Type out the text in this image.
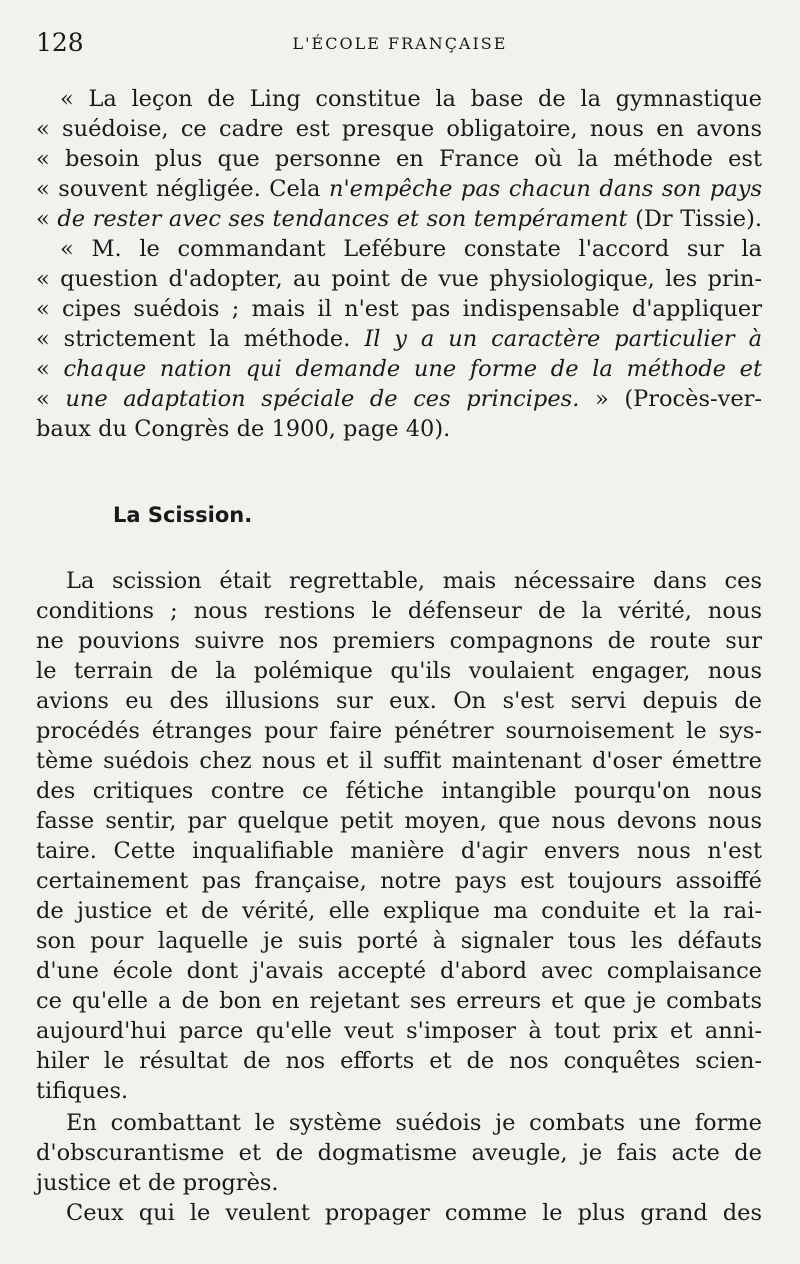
128	L'ÉCOLE FRANÇAISE
« La leçon de Ling constitue la base de la gymnastique
« suédoise, ce cadre est presque obligatoire, nous en avons
« besoin plus que personne en France où la méthode est
« souvent négligée. Cela n'empêche pas chacun dans son pays
« de rester avec ses tendances et son tempérament (Dr Tissie).
« M. le commandant Lefébure constate l'accord sur la
« question d'adopter, au point de vue physiologique, les prin-
« cipes suédois ; mais il n'est pas indispensable d'appliquer
« strictement la méthode. Il y a un caractère particulier à
« chaque nation qui demande une forme de la méthode et
« une adaptation spéciale de ces principes. » (Procès-ver-
baux du Congrès de 1900, page 40).
La Scission.
La scission était regrettable, mais nécessaire dans ces
conditions ; nous restions le défenseur de la vérité, nous
ne pouvions suivre nos premiers compagnons de route sur
le terrain de la polémique qu'ils voulaient engager, nous
avions eu des illusions sur eux. On s'est servi depuis de
procédés étranges pour faire pénétrer sournoisement le sys-
tème suédois chez nous et il suffit maintenant d'oser émettre
des critiques contre ce fétiche intangible pourqu'on nous
fasse sentir, par quelque petit moyen, que nous devons nous
taire. Cette inqualifiable manière d'agir envers nous n'est
certainement pas française, notre pays est toujours assoiffé
de justice et de vérité, elle explique ma conduite et la rai-
son pour laquelle je suis porté à signaler tous les défauts
d'une école dont j'avais accepté d'abord avec complaisance
ce qu'elle a de bon en rejetant ses erreurs et que je combats
aujourd'hui parce qu'elle veut s'imposer à tout prix et anni-
hiler le résultat de nos efforts et de nos conquêtes scien-
tifiques.
En combattant le système suédois je combats une forme
d'obscurantisme et de dogmatisme aveugle, je fais acte de
justice et de progrès.
Ceux qui le veulent propager comme le plus grand des
